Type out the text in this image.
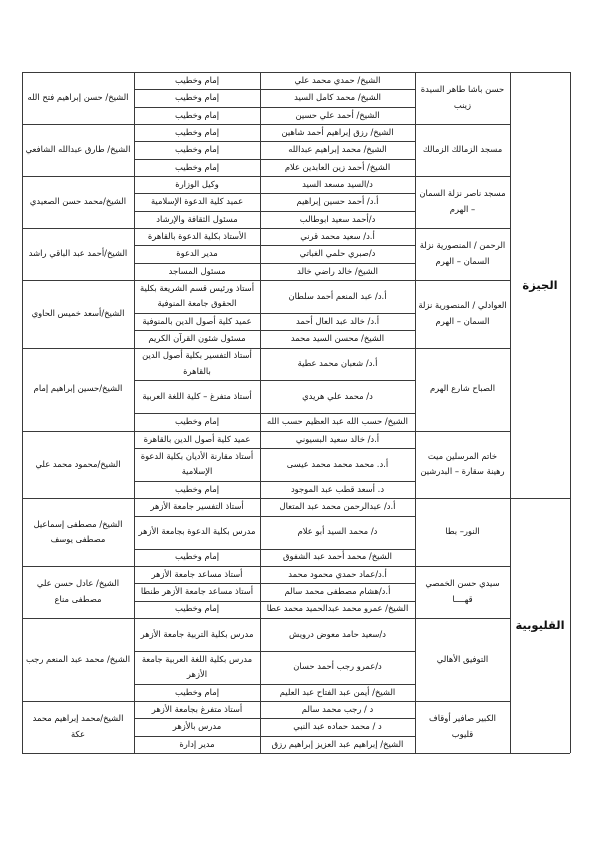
حسن باشا طاهر السيدة زينب
الشيخ/ حسن إبراهيم فتح الله
الشيخ/ حمدي محمد علي
إمام وخطيب
الشيخ/ محمد كامل السيد
إمام وخطيب
الشيخ/ أحمد علي حسين
إمام وخطيب
مسجد الزمالك الزمالك
الشيخ/ طارق عبدالله الشافعي
الشيخ/ رزق إبراهيم أحمد شاهين
إمام وخطيب
الشيخ/ محمد إبراهيم عبدالله
إمام وخطيب
الشيخ/ أحمد زين العابدين علام
إمام وخطيب
مسجد ناصر نزلة السمان – الهرم
الشيخ/محمد حسن الصعيدي
د/السيد مسعد السيد
وكيل الوزارة
أ.د/ أحمد حسين إبراهيم
عميد كلية الدعوة الإسلامية
د/أحمد سعيد ابوطالب
مسئول الثقافة والإرشاد
الرحمن / المنصورية نزلة السمان – الهرم
الشيخ/أحمد عبد الباقي راشد
أ.د/ سعيد محمد قرني
الأستاذ بكلية الدعوة بالقاهرة
د/صبري حلمي الغباتي
مدير الدعوة
الشيخ/ خالد راضي خالد
مسئول المساجد
العوادلي / المنصورية نزلة السمان – الهرم
الشيخ/أسعد خميس الحاوي
أ.د/ عبد المنعم أحمد سلطان
أستاذ ورئيس قسم الشريعة بكلية الحقوق جامعة المنوفية
أ.د/ خالد عبد العال أحمد
عميد كلية أصول الدين بالمنوفية
الشيخ/ محسن السيد محمد
مسئول شئون القرآن الكريم
الصباح شارع الهرم
الشيخ/حسين إبراهيم إمام
أ.د/ شعبان محمد عطية
أستاذ التفسير بكلية أصول الدين بالقاهرة
د/ محمد علي هريدي
أستاذ متفرغ – كلية اللغة العربية
الشيخ/ حسب الله عبد العظيم حسب الله
إمام وخطيب
خاتم المرسلين ميت رهينة سقارة – البدرشين
الشيخ/محمود محمد علي
أ.د/ خالد سعيد البسيوني
عميد كلية أصول الدين بالقاهرة
أ.د. محمد محمد محمد عيسى
أستاذ مقارنة الأديان بكلية الدعوة الإسلامية
د. أسعد قطب عبد الموجود
إمام وخطيب
النور– بطا
الشيخ/ مصطفى إسماعيل مصطفى يوسف
أ.د/ عبدالرحمن محمد عبد المتعال
أستاذ التفسير جامعة الأزهر
د/ محمد السيد أبو علام
مدرس بكلية الدعوة بجامعة الأزهر
الشيخ/ محمد أحمد عبد الشفوق
إمام وخطيب
سيدي حسن الخمصي قهــــا
الشيخ/ عادل حسن علي مصطفى مناع
أ.د/عماد حمدي محمود محمد
أستاذ مساعد جامعة الأزهر
أ.د/هشام مصطفى محمد سالم
أستاذ مساعد جامعة الأزهر طنطا
الشيخ/ عمرو محمد عبدالحميد محمد عطا
إمام وخطيب
التوفيق الأهالي
الشيخ/ محمد عبد المنعم رجب
د/سعيد حامد معوض درويش
مدرس بكلية التربية جامعة الأزهر
د/عمرو رجب أحمد حسان
مدرس بكلية اللغة العربية جامعة الأزهر
الشيخ/ أيمن عبد الفتاح عبد العليم
إمام وخطيب
الكبير صافير أوقاف قليوب
الشيخ/محمد إبراهيم محمد عكة
د / رجب محمد سالم
أستاذ متفرغ بجامعة الأزهر
د / محمد حماده عبد النبي
مدرس بالأزهر
الشيخ/ إبراهيم عبد العزيز إبراهيم رزق
مدير إدارة
الجيزة
القليوبية
